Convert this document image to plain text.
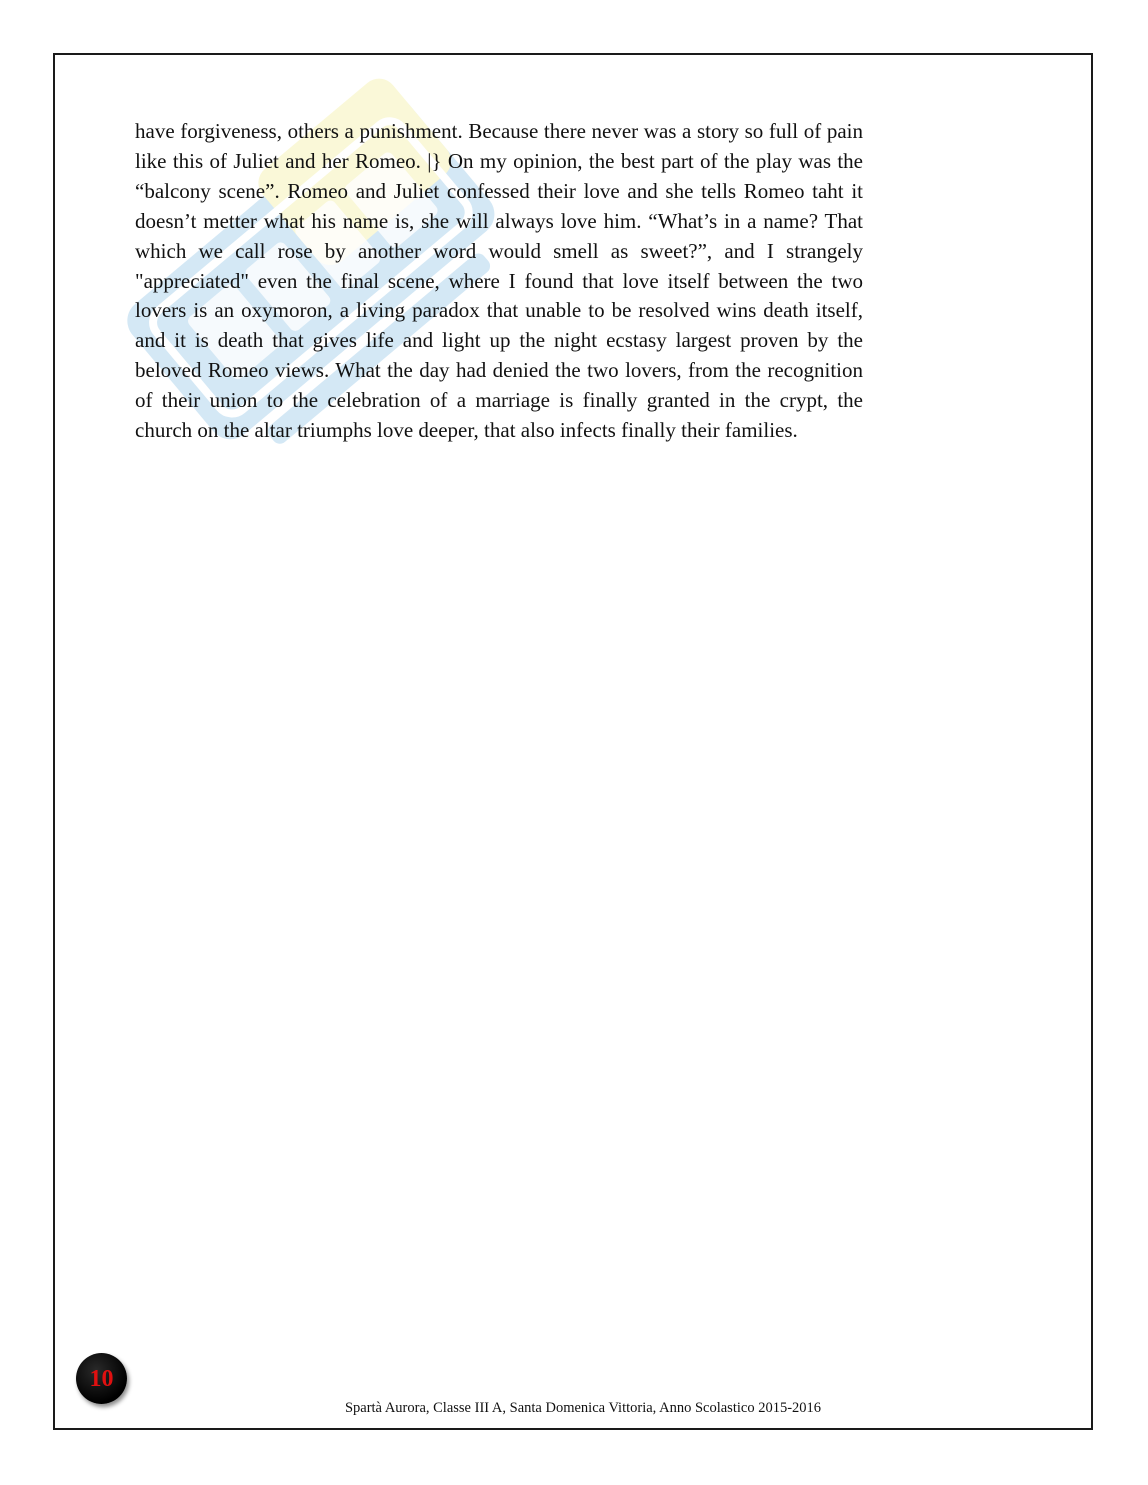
have forgiveness, others a punishment. Because there never was a story so full of pain like this of Juliet and her Romeo. |} On my opinion, the best part of the play was the “balcony scene”. Romeo and Juliet confessed their love and she tells Romeo taht it doesn’t metter what his name is, she will always love him. “What’s in a name? That which we call rose by another word would smell as sweet?”, and I strangely "appreciated" even the final scene, where I found that love itself between the two lovers is an oxymoron, a living paradox that unable to be resolved wins death itself, and it is death that gives life and light up the night ecstasy largest proven by the beloved Romeo views. What the day had denied the two lovers, from the recognition of their union to the celebration of a marriage is finally granted in the crypt, the church on the altar triumphs love deeper, that also infects finally their families.

10
Spartà Aurora, Classe III A, Santa Domenica Vittoria, Anno Scolastico 2015-2016
